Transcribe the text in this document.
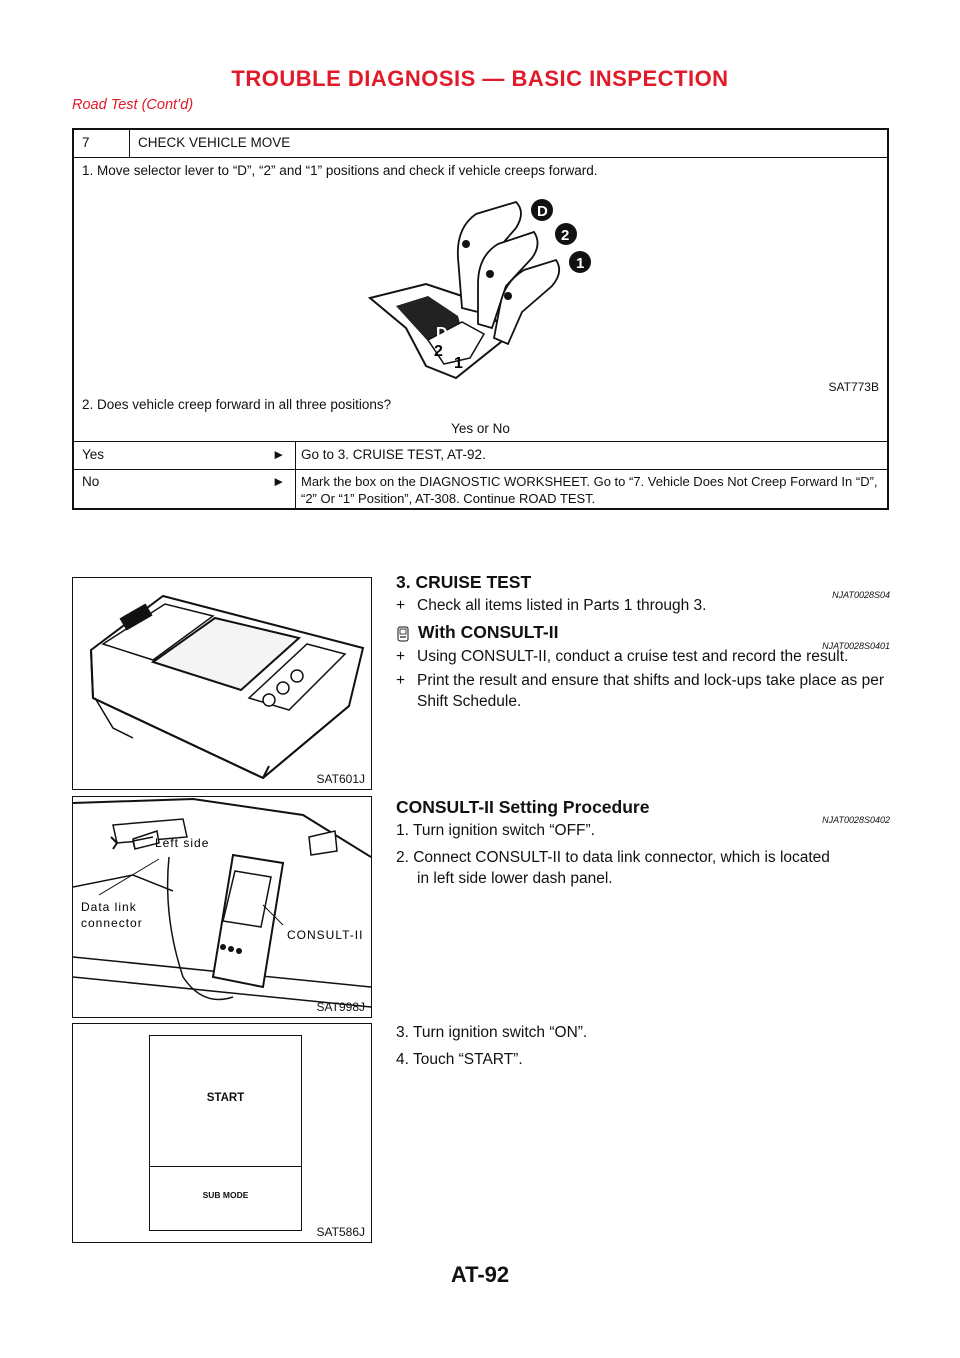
TROUBLE DIAGNOSIS — BASIC INSPECTION
Road Test (Cont’d)
7	CHECK VEHICLE MOVE
1. Move selector lever to “D”, “2” and “1” positions and check if vehicle creeps forward.
D
2
1
D
2
1
SAT773B
2. Does vehicle creep forward in all three positions?
Yes or No
Yes	► Go to 3. CRUISE TEST, AT-92.
No	► Mark the box on the DIAGNOSTIC WORKSHEET. Go to “7. Vehicle Does Not Creep Forward In “D”, “2” Or “1” Position”, AT-308. Continue ROAD TEST.
SAT601J
Left side
Data link
connector
CONSULT-II
SAT998J
START
SUB MODE
SAT586J
3. CRUISE TEST
NJAT0028S04
+ Check all items listed in Parts 1 through 3.
With CONSULT-II
NJAT0028S0401
+ Using CONSULT-II, conduct a cruise test and record the result.
+ Print the result and ensure that shifts and lock-ups take place as per Shift Schedule.
CONSULT-II Setting Procedure
NJAT0028S0402
1. Turn ignition switch “OFF”.
2. Connect CONSULT-II to data link connector, which is located
in left side lower dash panel.
3. Turn ignition switch “ON”.
4. Touch “START”.
AT-92
